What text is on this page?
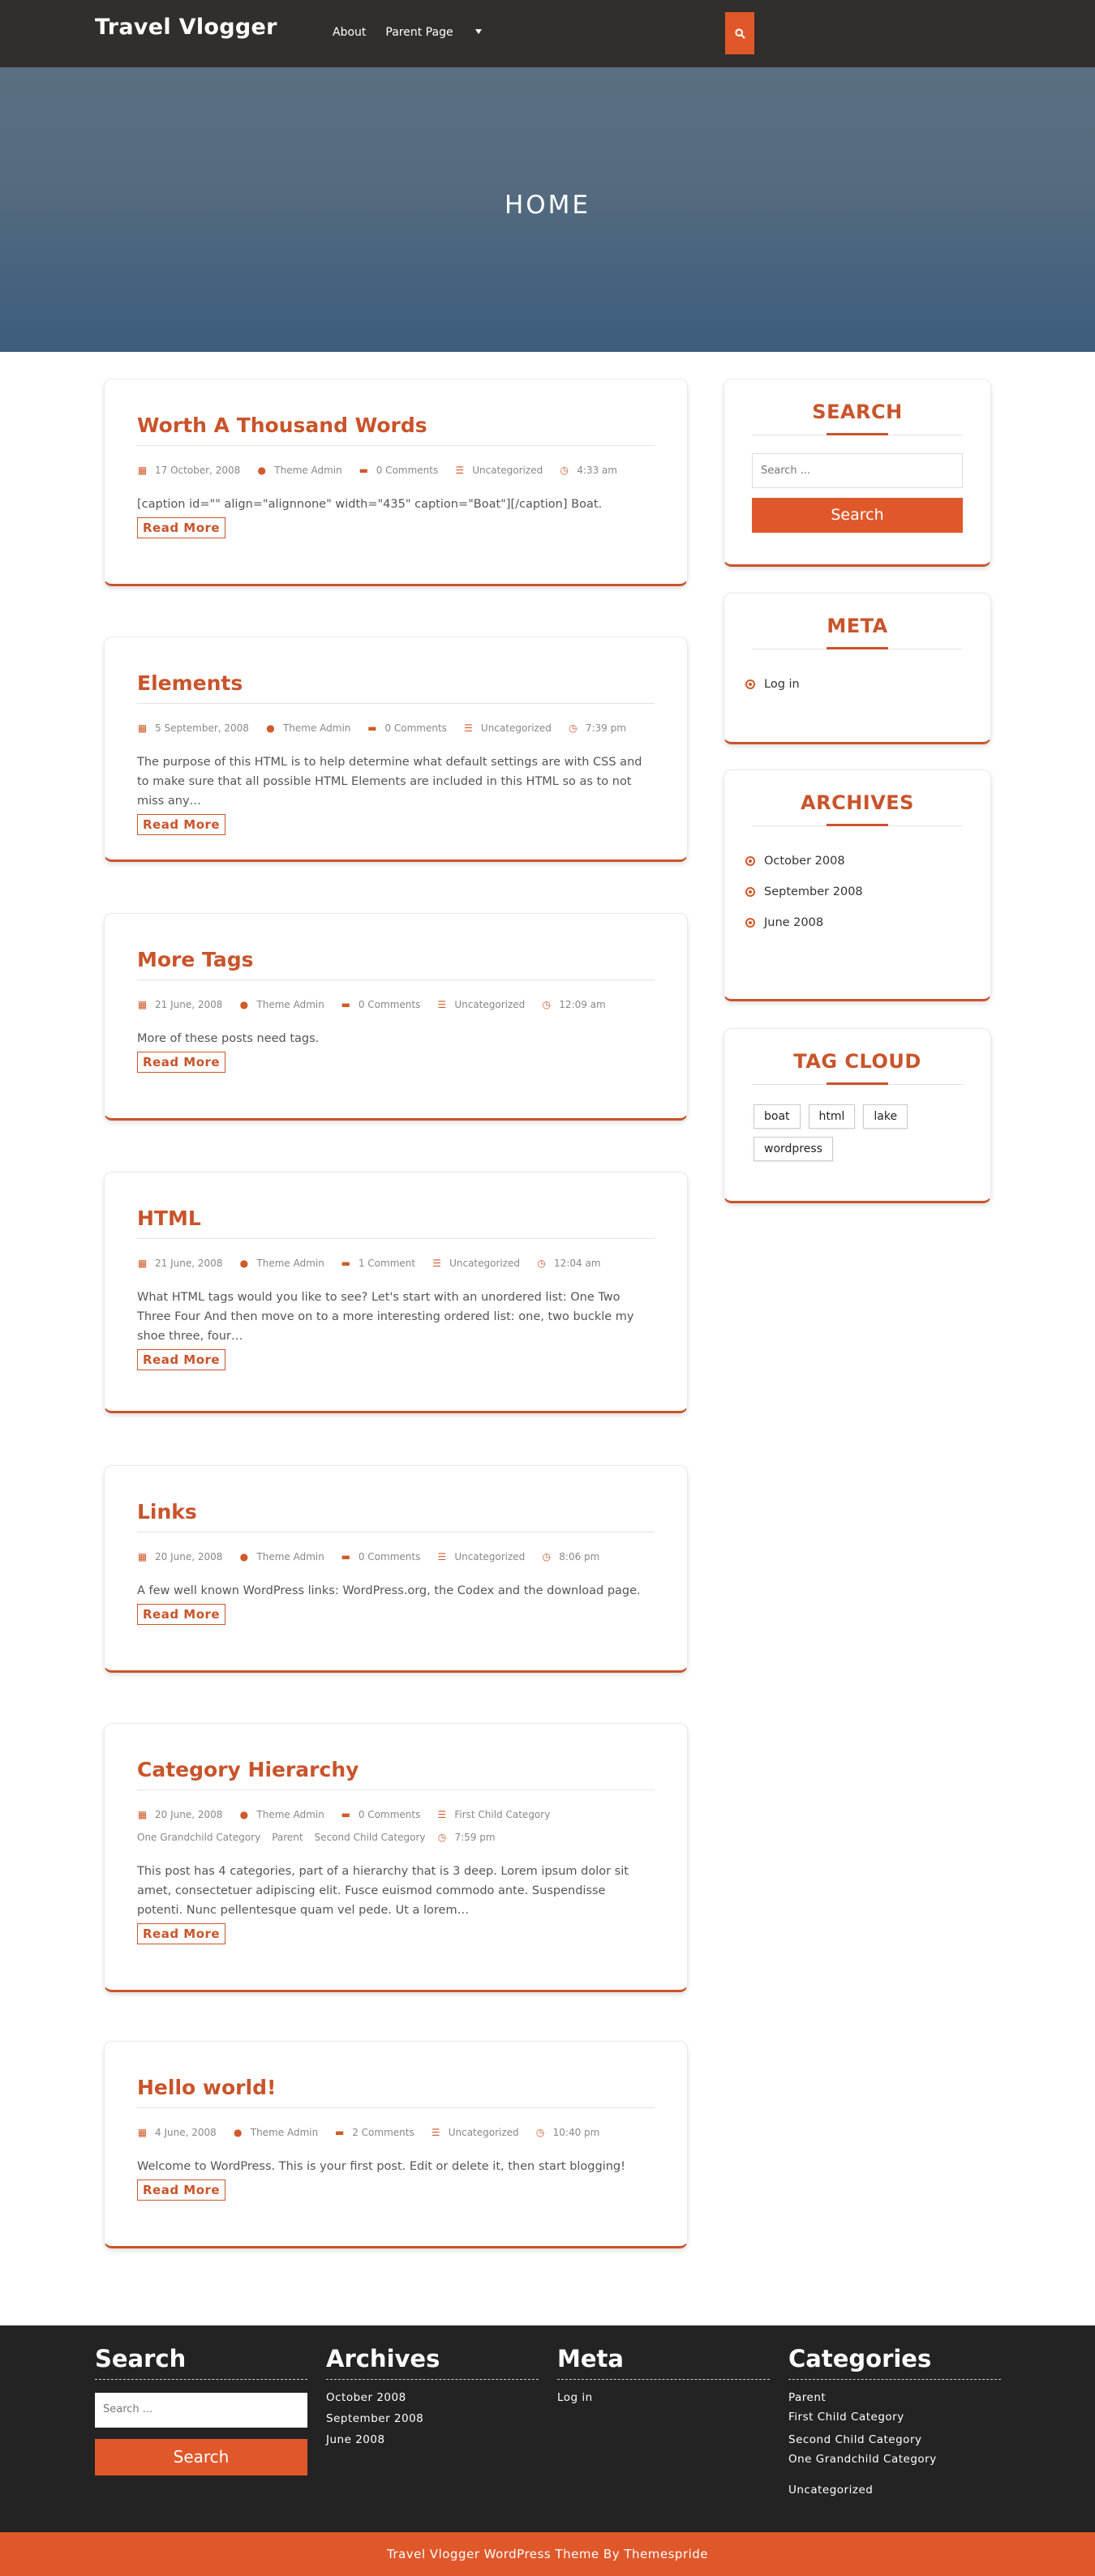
Travel Vlogger	About Parent Page
HOME
Worth A Thousand Words
▦ 17 October, 2008 ● Theme Admin ▬ 0 Comments ☰ Uncategorized ◷ 4:33 am
[caption id="" align="alignnone" width="435" caption="Boat"][/caption] Boat.
Read More
Elements
▦ 5 September, 2008 ● Theme Admin ▬ 0 Comments ☰ Uncategorized ◷ 7:39 pm
The purpose of this HTML is to help determine what default settings are with CSS and to make sure that all possible HTML Elements are included in this HTML so as to not miss any…
Read More
More Tags
▦ 21 June, 2008 ● Theme Admin ▬ 0 Comments ☰ Uncategorized ◷ 12:09 am
More of these posts need tags.
Read More
HTML
▦ 21 June, 2008 ● Theme Admin ▬ 1 Comment ☰ Uncategorized ◷ 12:04 am
What HTML tags would you like to see? Let's start with an unordered list: One Two Three Four And then move on to a more interesting ordered list: one, two buckle my shoe three, four…
Read More
Links
▦ 20 June, 2008 ● Theme Admin ▬ 0 Comments ☰ Uncategorized ◷ 8:06 pm
A few well known WordPress links: WordPress.org, the Codex and the download page.
Read More
Category Hierarchy
▦ 20 June, 2008 ● Theme Admin ▬ 0 Comments ☰ First Child Category

One Grandchild Category Parent Second Child Category ◷ 7:59 pm
This post has 4 categories, part of a hierarchy that is 3 deep. Lorem ipsum dolor sit amet, consectetuer adipiscing elit. Fusce euismod commodo ante. Suspendisse potenti. Nunc pellentesque quam vel pede. Ut a lorem…
Read More
Hello world!
▦ 4 June, 2008 ● Theme Admin ▬ 2 Comments ☰ Uncategorized ◷ 10:40 pm
Welcome to WordPress. This is your first post. Edit or delete it, then start blogging!
Read More
SEARCH
Search ...
Search
META
Log in
ARCHIVES
October 2008
September 2008
June 2008
TAG CLOUD
boat	html	lake
wordpress
Search
Search ...
Search
Archives
October 2008
September 2008
June 2008
Meta
Log in
Categories
Parent
First Child Category
Second Child Category
One Grandchild Category
Uncategorized
Travel Vlogger WordPress Theme By Themespride
